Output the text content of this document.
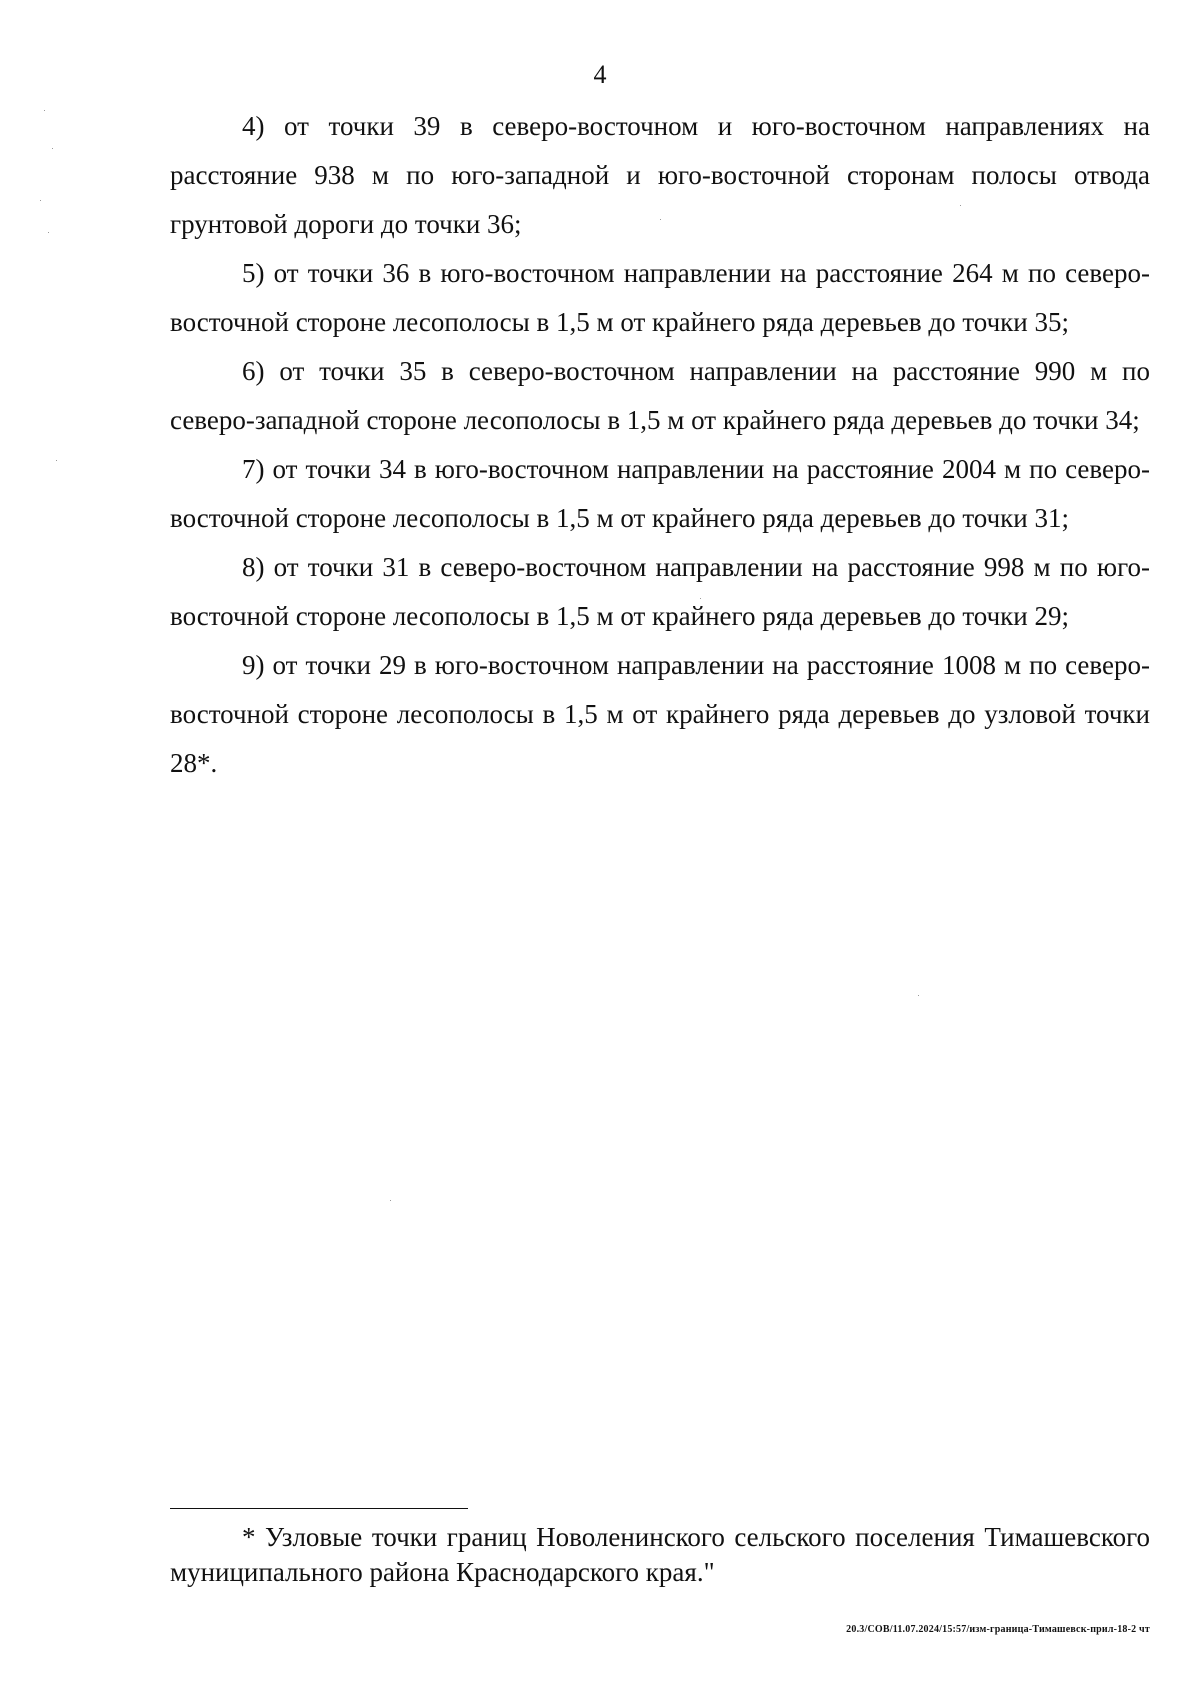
4

4) от точки 39 в северо-восточном и юго-восточном направлениях на расстояние 938 м по юго-западной и юго-восточной сторонам полосы отвода грунтовой дороги до точки 36;

5) от точки 36 в юго-восточном направлении на расстояние 264 м по северо-восточной стороне лесополосы в 1,5 м от крайнего ряда деревьев до точки 35;

6) от точки 35 в северо-восточном направлении на расстояние 990 м по северо-западной стороне лесополосы в 1,5 м от крайнего ряда деревьев до точки 34;

7) от точки 34 в юго-восточном направлении на расстояние 2004 м по северо-восточной стороне лесополосы в 1,5 м от крайнего ряда деревьев до точки 31;

8) от точки 31 в северо-восточном направлении на расстояние 998 м по юго-восточной стороне лесополосы в 1,5 м от крайнего ряда деревьев до точки 29;

9) от точки 29 в юго-восточном направлении на расстояние 1008 м по северо-восточной стороне лесополосы в 1,5 м от крайнего ряда деревьев до узловой точки 28*.

* Узловые точки границ Новоленинского сельского поселения Тимашевского муниципального района Краснодарского края."

20.3/СОВ/11.07.2024/15:57/изм-граница-Тимашевск-прил-18-2 чт
